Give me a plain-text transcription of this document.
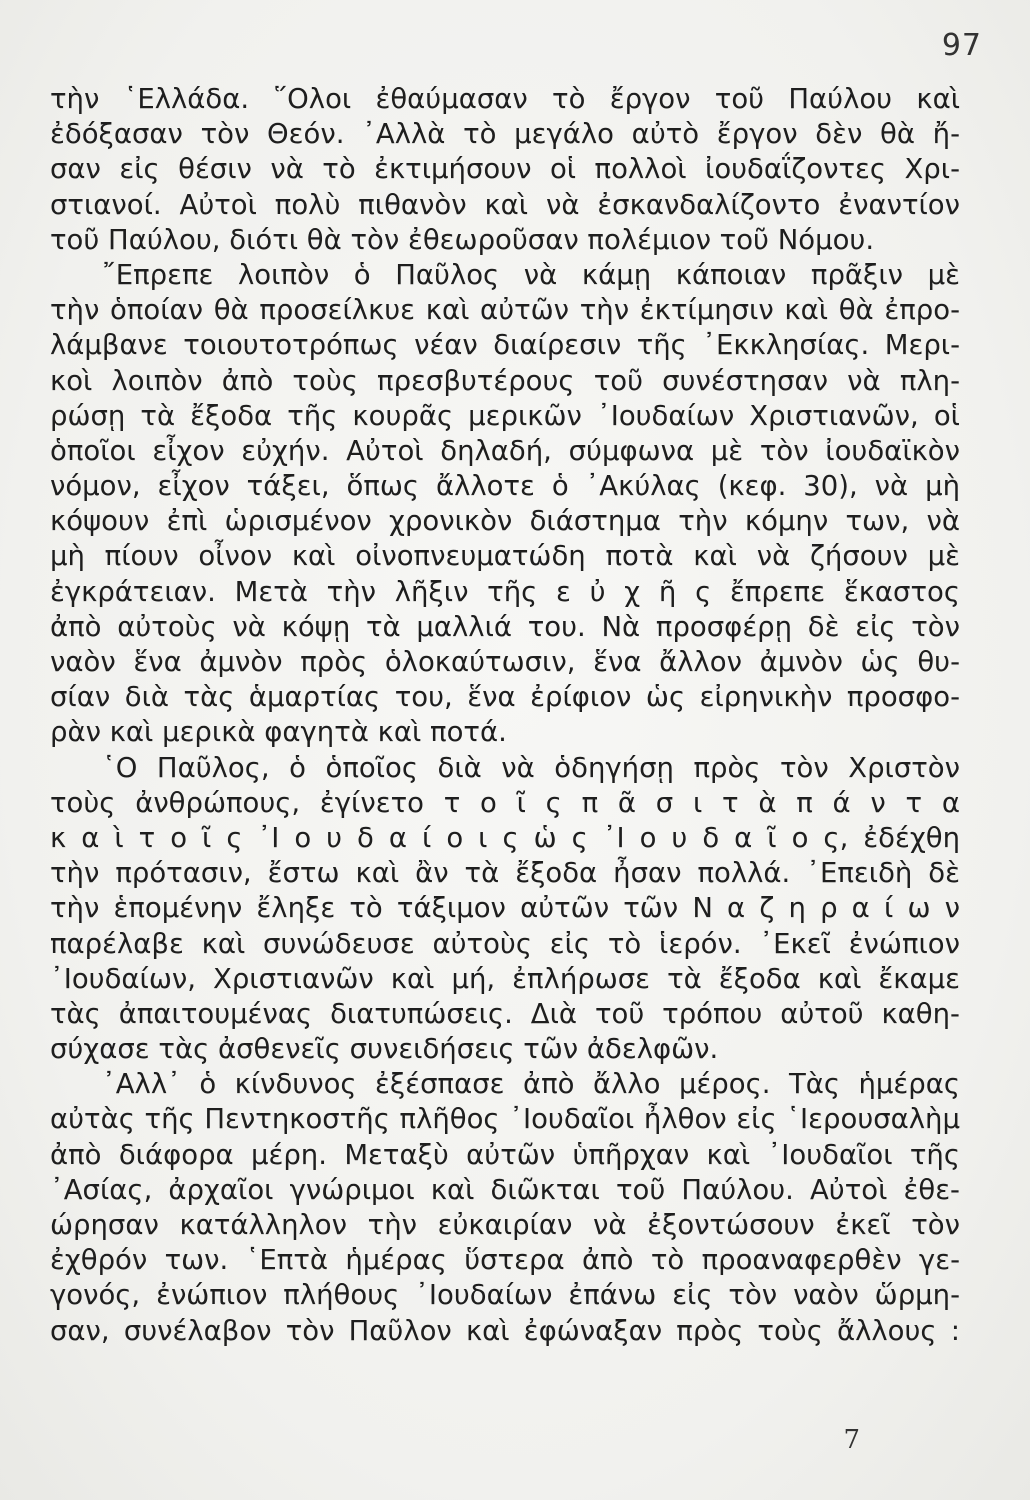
97
τὴν ῾Ελλάδα. ῞Ολοι ἐθαύμασαν τὸ ἔργον τοῦ Παύλου καὶ
ἐδόξασαν τὸν Θεόν. ᾿Αλλὰ τὸ μεγάλο αὐτὸ ἔργον δὲν θὰ ἤ-
σαν εἰς θέσιν νὰ τὸ ἐκτιμήσουν οἱ πολλοὶ ἰουδαΐζοντες Χρι-
στιανοί. Αὐτοὶ πολὺ πιθανὸν καὶ νὰ ἐσκανδαλίζοντο ἐναντίον
τοῦ Παύλου, διότι θὰ τὸν ἐθεωροῦσαν πολέμιον τοῦ Νόμου.
῎Επρεπε λοιπὸν ὁ Παῦλος νὰ κάμῃ κάποιαν πρᾶξιν μὲ
τὴν ὁποίαν θὰ προσείλκυε καὶ αὐτῶν τὴν ἐκτίμησιν καὶ θὰ ἐπρο-
λάμβανε τοιουτοτρόπως νέαν διαίρεσιν τῆς ᾿Εκκλησίας. Μερι-
κοὶ λοιπὸν ἀπὸ τοὺς πρεσβυτέρους τοῦ συνέστησαν νὰ πλη-
ρώσῃ τὰ ἔξοδα τῆς κουρᾶς μερικῶν ᾿Ιουδαίων Χριστιανῶν, οἱ
ὁποῖοι εἶχον εὐχήν. Αὐτοὶ δηλαδή, σύμφωνα μὲ τὸν ἰουδαϊκὸν
νόμον, εἶχον τάξει, ὅπως ἄλλοτε ὁ ᾿Ακύλας (κεφ. 30), νὰ μὴ
κόψουν ἐπὶ ὡρισμένον χρονικὸν διάστημα τὴν κόμην των, νὰ
μὴ πίουν οἶνον καὶ οἰνοπνευματώδη ποτὰ καὶ νὰ ζήσουν μὲ
ἐγκράτειαν. Μετὰ τὴν λῆξιν τῆς ε ὐ χ ῆ ς ἔπρεπε ἕκαστος
ἀπὸ αὐτοὺς νὰ κόψῃ τὰ μαλλιά του. Νὰ προσφέρῃ δὲ εἰς τὸν
ναὸν ἕνα ἀμνὸν πρὸς ὁλοκαύτωσιν, ἕνα ἄλλον ἀμνὸν ὡς θυ-
σίαν διὰ τὰς ἁμαρτίας του, ἕνα ἐρίφιον ὡς εἰρηνικὴν προσφο-
ρὰν καὶ μερικὰ φαγητὰ καὶ ποτά.
῾Ο Παῦλος, ὁ ὁποῖος διὰ νὰ ὁδηγήσῃ πρὸς τὸν Χριστὸν
τοὺς ἀνθρώπους, ἐγίνετο τ ο ῖ ς π ᾶ σ ι τ ὰ π ά ν τ α
κ α ὶ τ ο ῖ ς ᾿Ι ο υ δ α ί ο ι ς ὡ ς ᾿Ι ο υ δ α ῖ ο ς, ἐδέχθη
τὴν πρότασιν, ἔστω καὶ ἂν τὰ ἔξοδα ἦσαν πολλά. ᾿Επειδὴ δὲ
τὴν ἑπομένην ἔληξε τὸ τάξιμον αὐτῶν τῶν Ν α ζ η ρ α ί ω ν
παρέλαβε καὶ συνώδευσε αὐτοὺς εἰς τὸ ἱερόν. ᾿Εκεῖ ἐνώπιον
᾿Ιουδαίων, Χριστιανῶν καὶ μή, ἐπλήρωσε τὰ ἔξοδα καὶ ἔκαμε
τὰς ἀπαιτουμένας διατυπώσεις. Διὰ τοῦ τρόπου αὐτοῦ καθη-
σύχασε τὰς ἀσθενεῖς συνειδήσεις τῶν ἀδελφῶν.
᾿Αλλ᾿ ὁ κίνδυνος ἐξέσπασε ἀπὸ ἄλλο μέρος. Τὰς ἡμέρας
αὐτὰς τῆς Πεντηκοστῆς πλῆθος ᾿Ιουδαῖοι ἦλθον εἰς ῾Ιερουσαλὴμ
ἀπὸ διάφορα μέρη. Μεταξὺ αὐτῶν ὑπῆρχαν καὶ ᾿Ιουδαῖοι τῆς
᾿Ασίας, ἀρχαῖοι γνώριμοι καὶ διῶκται τοῦ Παύλου. Αὐτοὶ ἐθε-
ώρησαν κατάλληλον τὴν εὐκαιρίαν νὰ ἐξοντώσουν ἐκεῖ τὸν
ἐχθρόν των. ῾Επτὰ ἡμέρας ὕστερα ἀπὸ τὸ προαναφερθὲν γε-
γονός, ἐνώπιον πλήθους ᾿Ιουδαίων ἐπάνω εἰς τὸν ναὸν ὥρμη-
σαν, συνέλαβον τὸν Παῦλον καὶ ἐφώναξαν πρὸς τοὺς ἄλλους :
7
